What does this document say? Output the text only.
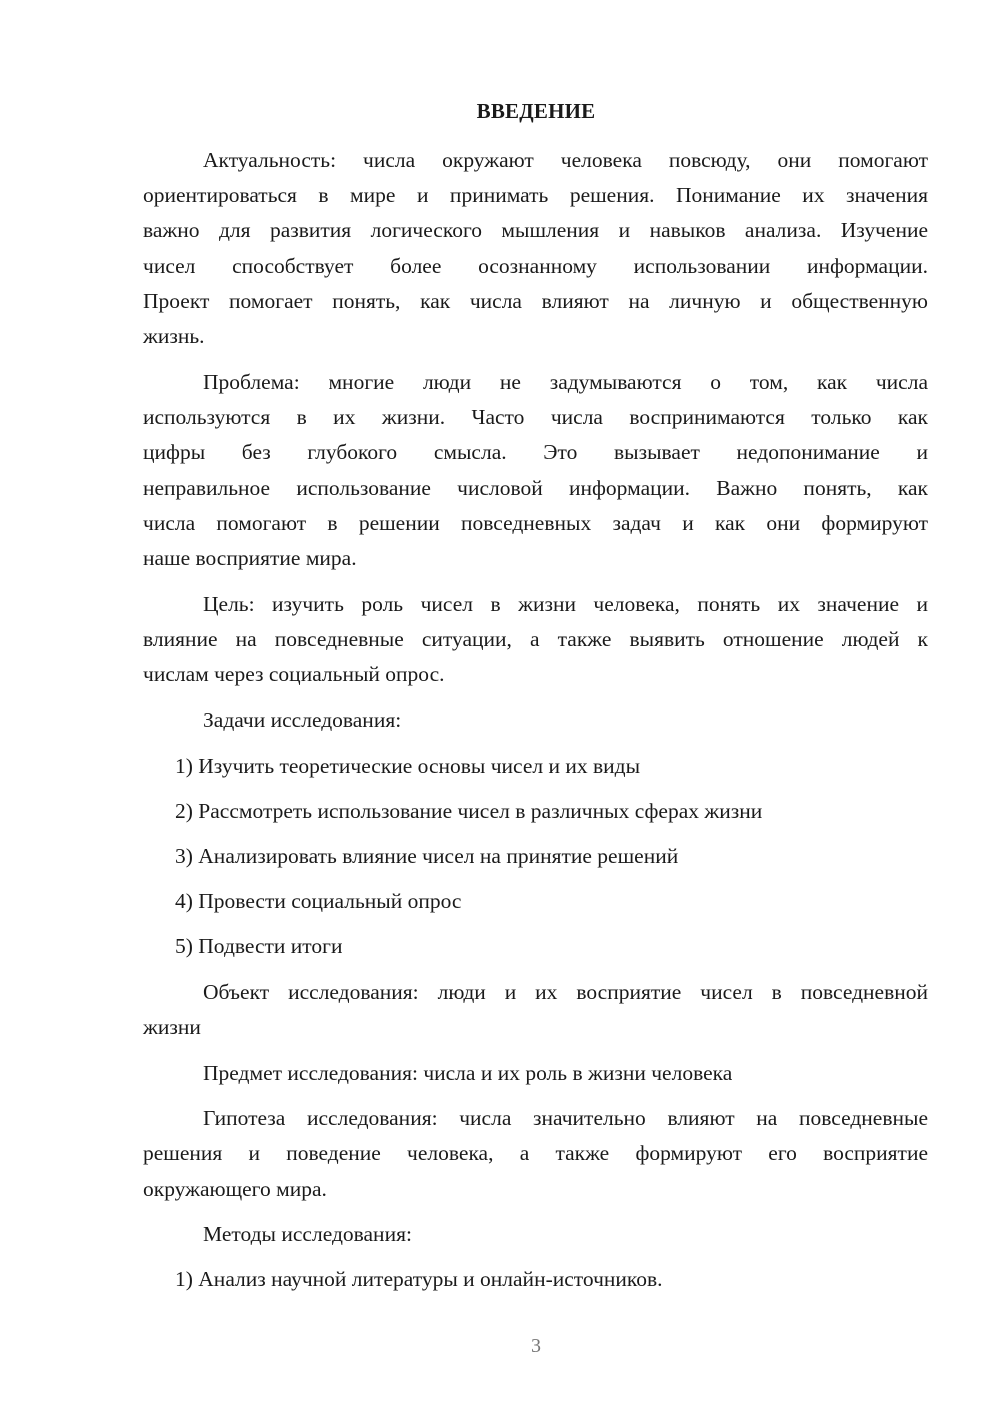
ВВЕДЕНИЕ
Актуальность: числа окружают человека повсюду, они помогают
ориентироваться в мире и принимать решения. Понимание их значения
важно для развития логического мышления и навыков анализа. Изучение
чисел способствует более осознанному использовании информации.
Проект помогает понять, как числа влияют на личную и общественную
жизнь.
Проблема: многие люди не задумываются о том, как числа
используются в их жизни. Часто числа воспринимаются только как
цифры без глубокого смысла. Это вызывает недопонимание и
неправильное использование числовой информации. Важно понять, как
числа помогают в решении повседневных задач и как они формируют
наше восприятие мира.
Цель: изучить роль чисел в жизни человека, понять их значение и
влияние на повседневные ситуации, а также выявить отношение людей к
числам через социальный опрос.
Задачи исследования:
1) Изучить теоретические основы чисел и их виды
2) Рассмотреть использование чисел в различных сферах жизни
3) Анализировать влияние чисел на принятие решений
4) Провести социальный опрос
5) Подвести итоги
Объект исследования: люди и их восприятие чисел в повседневной
жизни
Предмет исследования: числа и их роль в жизни человека
Гипотеза исследования: числа значительно влияют на повседневные
решения и поведение человека, а также формируют его восприятие
окружающего мира.
Методы исследования:
1) Анализ научной литературы и онлайн-источников.
3
